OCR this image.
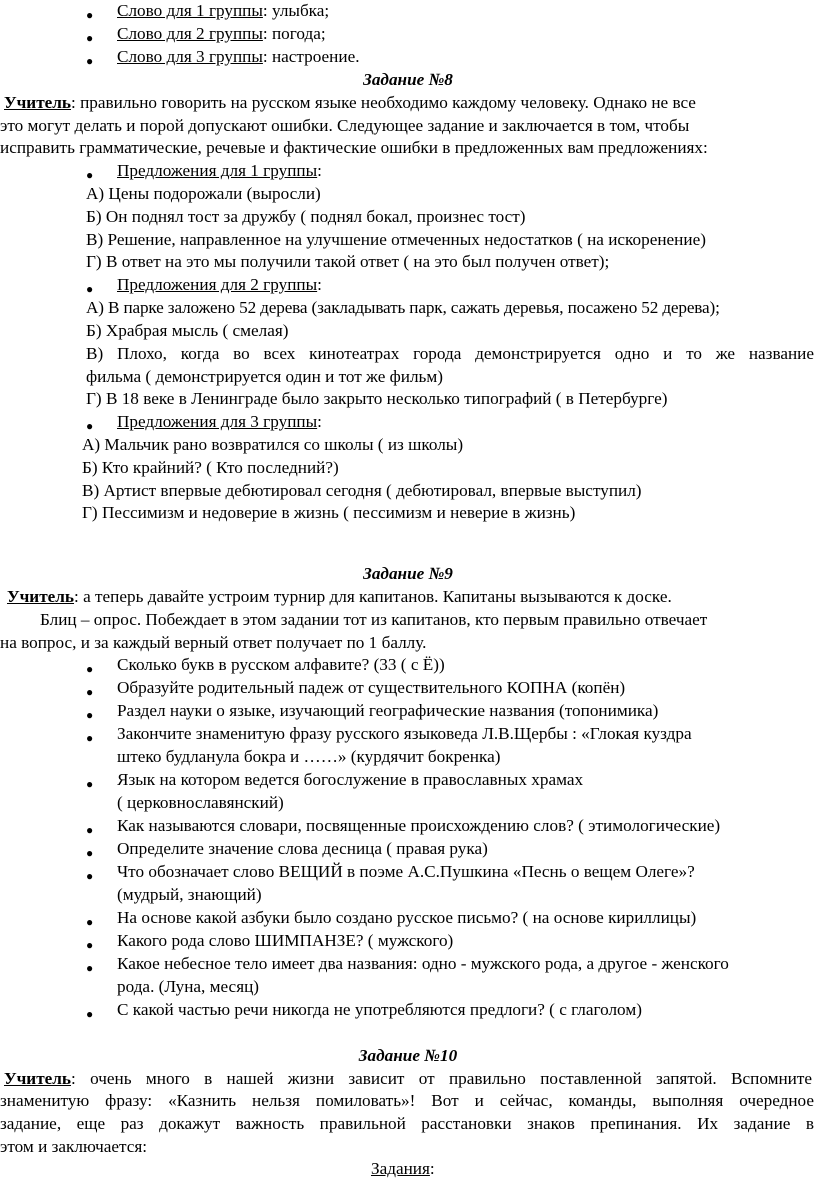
● Слово для 1 группы: улыбка;
● Слово для 2 группы: погода;
● Слово для 3 группы: настроение.
Задание №8
Учитель: правильно говорить на русском языке необходимо каждому человеку. Однако не все
это могут делать и порой допускают ошибки. Следующее задание и заключается в том, чтобы
исправить грамматические, речевые и фактические ошибки в предложенных вам предложениях:
● Предложения для 1 группы:
А) Цены подорожали (выросли)
Б) Он поднял тост за дружбу ( поднял бокал, произнес тост)
В) Решение, направленное на улучшение отмеченных недостатков ( на искоренение)
Г) В ответ на это мы получили такой ответ ( на это был получен ответ);
● Предложения для 2 группы:
А) В парке заложено 52 дерева (закладывать парк, сажать деревья, посажено 52 дерева);
Б) Храбрая мысль ( смелая)
В) Плохо, когда во всех кинотеатрах города демонстрируется одно и то же название
фильма ( демонстрируется один и тот же фильм)
Г) В 18 веке в Ленинграде было закрыто несколько типографий ( в Петербурге)
● Предложения для 3 группы:
А) Мальчик рано возвратился со школы ( из школы)
Б) Кто крайний? ( Кто последний?)
В) Артист впервые дебютировал сегодня ( дебютировал, впервые выступил)
Г) Пессимизм и недоверие в жизнь ( пессимизм и неверие в жизнь)
Задание №9
Учитель: а теперь давайте устроим турнир для капитанов. Капитаны вызываются к доске.
Блиц – опрос. Побеждает в этом задании тот из капитанов, кто первым правильно отвечает
на вопрос, и за каждый верный ответ получает по 1 баллу.
● Сколько букв в русском алфавите? (33 ( с Ё))
● Образуйте родительный падеж от существительного КОПНА (копён)
● Раздел науки о языке, изучающий географические названия (топонимика)
● Закончите знаменитую фразу русского языковеда Л.В.Щербы : «Глокая куздра
штеко будланула бокра и ……» (курдячит бокренка)
● Язык на котором ведется богослужение в православных храмах
( церковнославянский)
● Как называются словари, посвященные происхождению слов? ( этимологические)
● Определите значение слова десница ( правая рука)
● Что обозначает слово ВЕЩИЙ в поэме А.С.Пушкина «Песнь о вещем Олеге»?
(мудрый, знающий)
● На основе какой азбуки было создано русское письмо? ( на основе кириллицы)
● Какого рода слово ШИМПАНЗЕ? ( мужского)
● Какое небесное тело имеет два названия: одно - мужского рода, а другое - женского
рода. (Луна, месяц)
● С какой частью речи никогда не употребляются предлоги? ( с глаголом)
Задание №10
Учитель: очень много в нашей жизни зависит от правильно поставленной запятой. Вспомните
знаменитую фразу: «Казнить нельзя помиловать»! Вот и сейчас, команды, выполняя очередное
задание, еще раз докажут важность правильной расстановки знаков препинания. Их задание в
этом и заключается:
Задания:
